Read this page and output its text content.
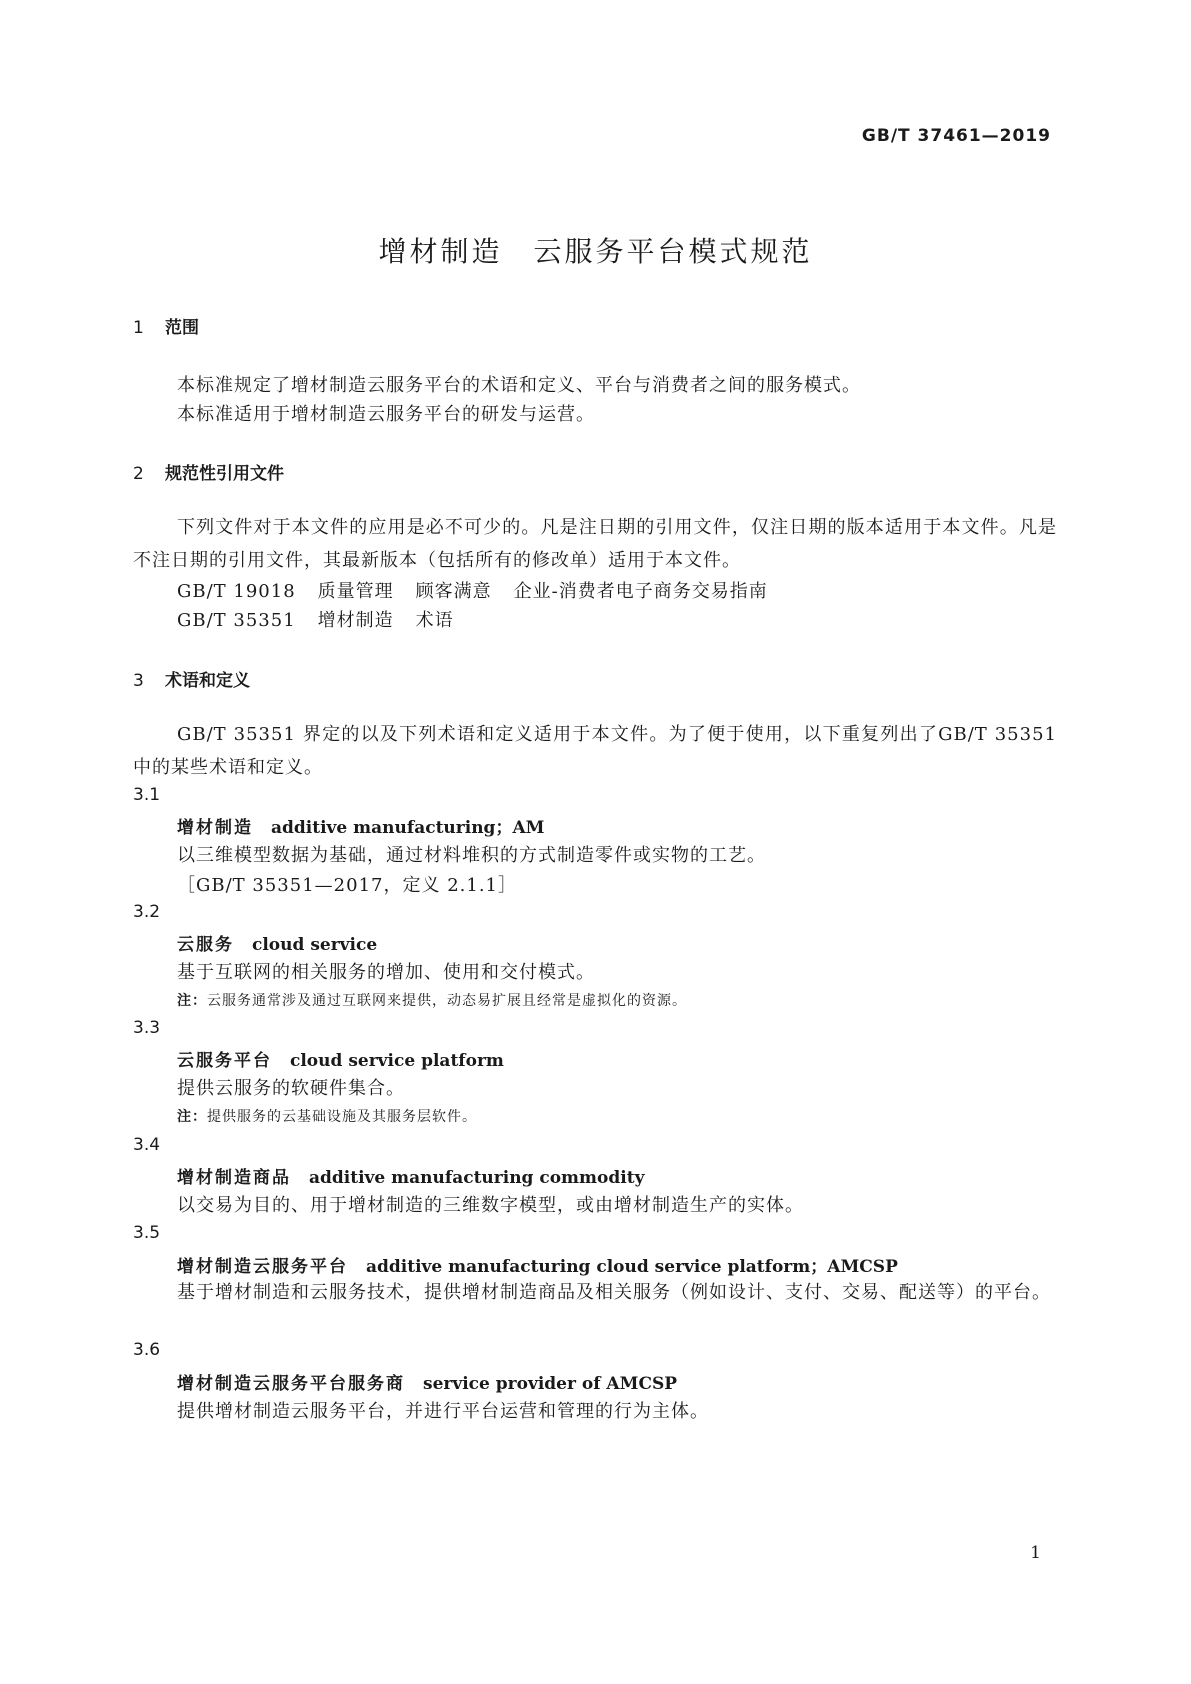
GB/T 37461—2019
增材制造　云服务平台模式规范
1 范围
本标准规定了增材制造云服务平台的术语和定义、平台与消费者之间的服务模式。
本标准适用于增材制造云服务平台的研发与运营。
2 规范性引用文件
下列文件对于本文件的应用是必不可少的。凡是注日期的引用文件，仅注日期的版本适用于本文件。凡是不注日期的引用文件，其最新版本（包括所有的修改单）适用于本文件。
GB/T 19018 质量管理 顾客满意 企业-消费者电子商务交易指南
GB/T 35351 增材制造 术语
3 术语和定义
GB/T 35351 界定的以及下列术语和定义适用于本文件。为了便于使用，以下重复列出了GB/T 35351 中的某些术语和定义。
3.1
增材制造 additive manufacturing；AM
以三维模型数据为基础，通过材料堆积的方式制造零件或实物的工艺。
［GB/T 35351—2017，定义 2.1.1］
3.2
云服务 cloud service
基于互联网的相关服务的增加、使用和交付模式。
注：云服务通常涉及通过互联网来提供，动态易扩展且经常是虚拟化的资源。
3.3
云服务平台 cloud service platform
提供云服务的软硬件集合。
注：提供服务的云基础设施及其服务层软件。
3.4
增材制造商品 additive manufacturing commodity
以交易为目的、用于增材制造的三维数字模型，或由增材制造生产的实体。
3.5
增材制造云服务平台 additive manufacturing cloud service platform；AMCSP
基于增材制造和云服务技术，提供增材制造商品及相关服务（例如设计、支付、交易、配送等）的平台。
3.6
增材制造云服务平台服务商 service provider of AMCSP
提供增材制造云服务平台，并进行平台运营和管理的行为主体。
1
